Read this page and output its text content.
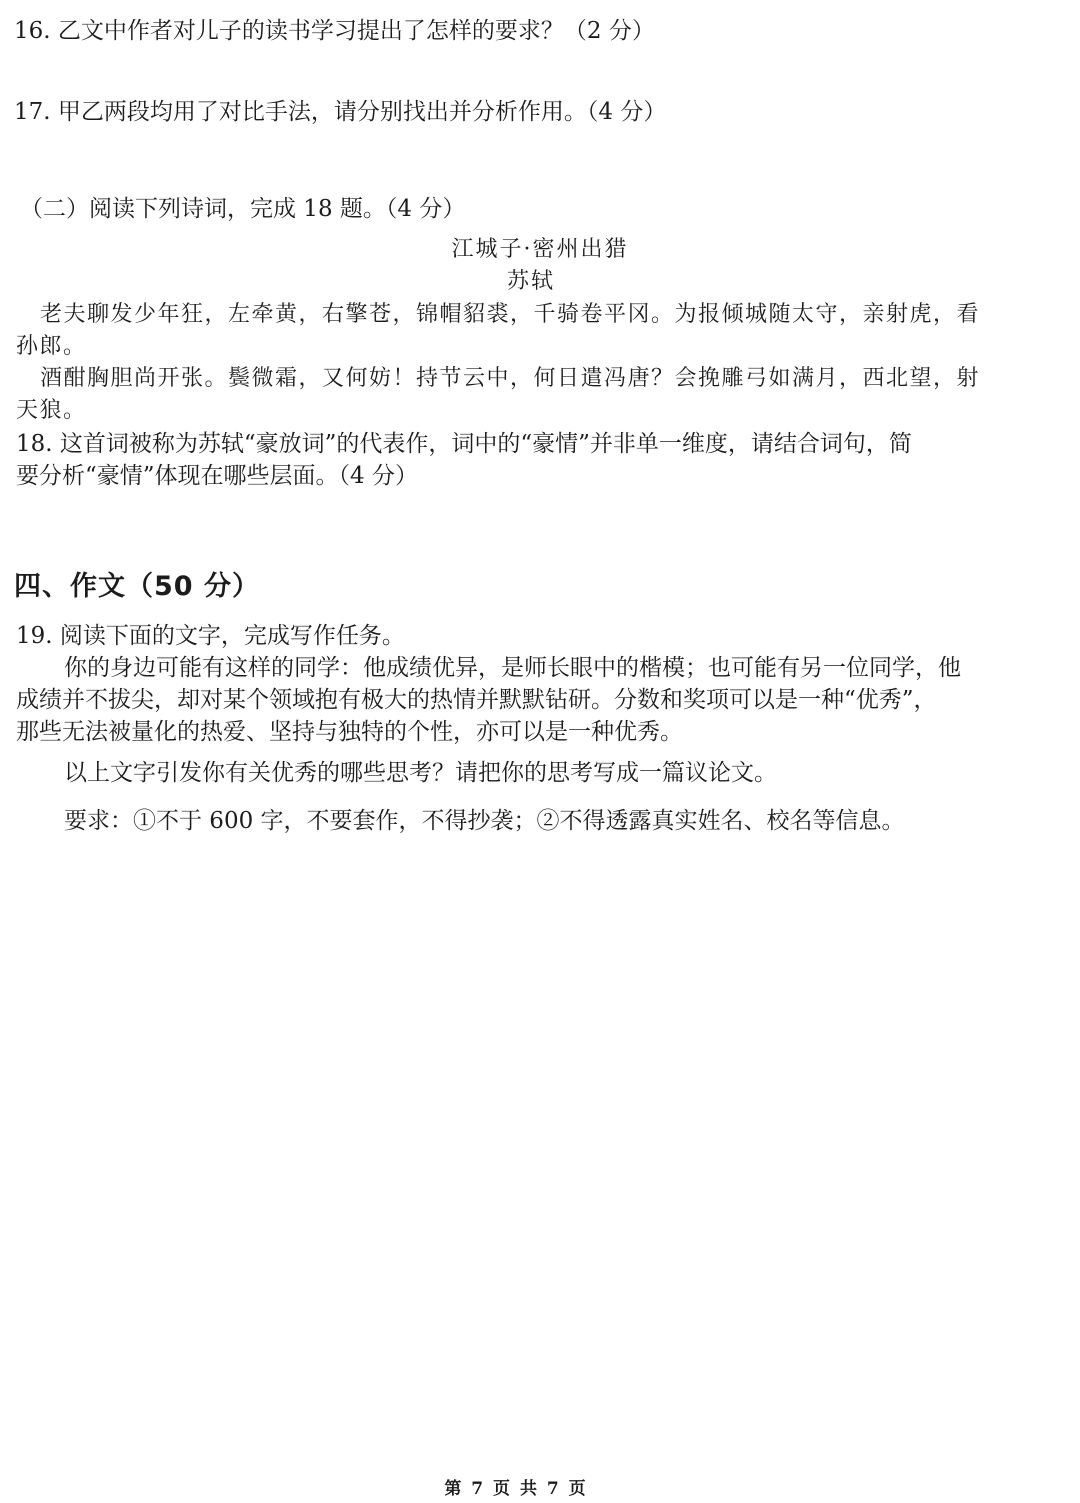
16. 乙文中作者对儿子的读书学习提出了怎样的要求？（2 分）
17. 甲乙两段均用了对比手法，请分别找出并分析作用。（4 分）
（二）阅读下列诗词，完成 18 题。（4 分）
江城子·密州出猎
苏轼
老夫聊发少年狂，左牵黄，右擎苍，锦帽貂裘，千骑卷平冈。为报倾城随太守，亲射虎，看
孙郎。
酒酣胸胆尚开张。鬓微霜，又何妨！持节云中，何日遣冯唐？会挽雕弓如满月，西北望，射
天狼。
18. 这首词被称为苏轼“豪放词”的代表作，词中的“豪情”并非单一维度，请结合词句，简
要分析“豪情”体现在哪些层面。（4 分）
四、作文（50 分）
19. 阅读下面的文字，完成写作任务。
你的身边可能有这样的同学：他成绩优异，是师长眼中的楷模；也可能有另一位同学，他
成绩并不拔尖，却对某个领域抱有极大的热情并默默钻研。分数和奖项可以是一种“优秀”，
那些无法被量化的热爱、坚持与独特的个性，亦可以是一种优秀。
以上文字引发你有关优秀的哪些思考？请把你的思考写成一篇议论文。
要求：①不于 600 字，不要套作，不得抄袭；②不得透露真实姓名、校名等信息。
第 7 页 共 7 页
